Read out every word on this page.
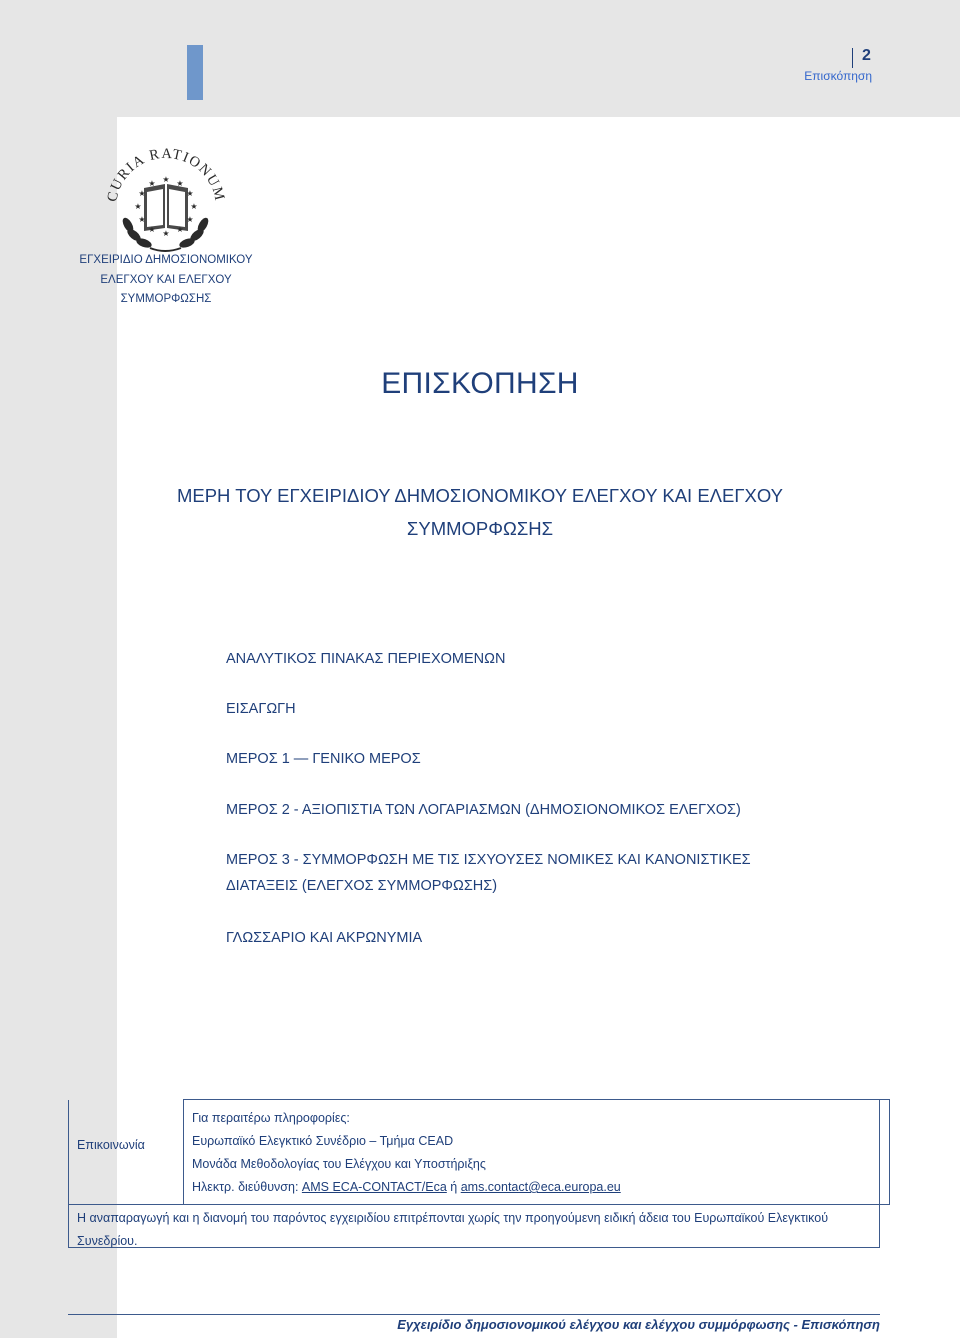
2
Επισκόπηση
CURIA RATIONUM
★
★	★
★	★
★	★
★	★
★	★
★
ΕΓΧΕΙΡΙΔΙΟ ΔΗΜΟΣΙΟΝΟΜΙΚΟΥ
ΕΛΕΓΧΟΥ ΚΑΙ ΕΛΕΓΧΟΥ
ΣΥΜΜΟΡΦΩΣΗΣ
ΕΠΙΣΚΟΠΗΣΗ
ΜΕΡΗ ΤΟΥ ΕΓΧΕΙΡΙΔΙΟΥ ΔΗΜΟΣΙΟΝΟΜΙΚΟΥ ΕΛΕΓΧΟΥ ΚΑΙ ΕΛΕΓΧΟΥ
ΣΥΜΜΟΡΦΩΣΗΣ
ΑΝΑΛΥΤΙΚΟΣ ΠΙΝΑΚΑΣ ΠΕΡΙΕΧΟΜΕΝΩΝ
ΕΙΣΑΓΩΓΗ
ΜΕΡΟΣ 1 — ΓΕΝΙΚΟ ΜΕΡΟΣ
ΜΕΡΟΣ 2 - ΑΞΙΟΠΙΣΤΙΑ ΤΩΝ ΛΟΓΑΡΙΑΣΜΩΝ (ΔΗΜΟΣΙΟΝΟΜΙΚΟΣ ΕΛΕΓΧΟΣ)
ΜΕΡΟΣ 3 - ΣΥΜΜΟΡΦΩΣΗ ΜΕ ΤΙΣ ΙΣΧΥΟΥΣΕΣ ΝΟΜΙΚΕΣ ΚΑΙ ΚΑΝΟΝΙΣΤΙΚΕΣ
ΔΙΑΤΑΞΕΙΣ (ΕΛΕΓΧΟΣ ΣΥΜΜΟΡΦΩΣΗΣ)
ΓΛΩΣΣΑΡΙΟ ΚΑΙ ΑΚΡΩΝΥΜΙΑ
Επικοινωνία
Για περαιτέρω πληροφορίες:
Ευρωπαϊκό Ελεγκτικό Συνέδριο – Τμήμα CEAD
Μονάδα Μεθοδολογίας του Ελέγχου και Υποστήριξης
Ηλεκτρ. διεύθυνση: AMS ECA-CONTACT/Eca ή ams.contact@eca.europa.eu
Η αναπαραγωγή και η διανομή του παρόντος εγχειριδίου επιτρέπονται χωρίς την προηγούμενη ειδική άδεια του Ευρωπαϊκού Ελεγκτικού Συνεδρίου.
Εγχειρίδιο δημοσιονομικού ελέγχου και ελέγχου συμμόρφωσης - Επισκόπηση
